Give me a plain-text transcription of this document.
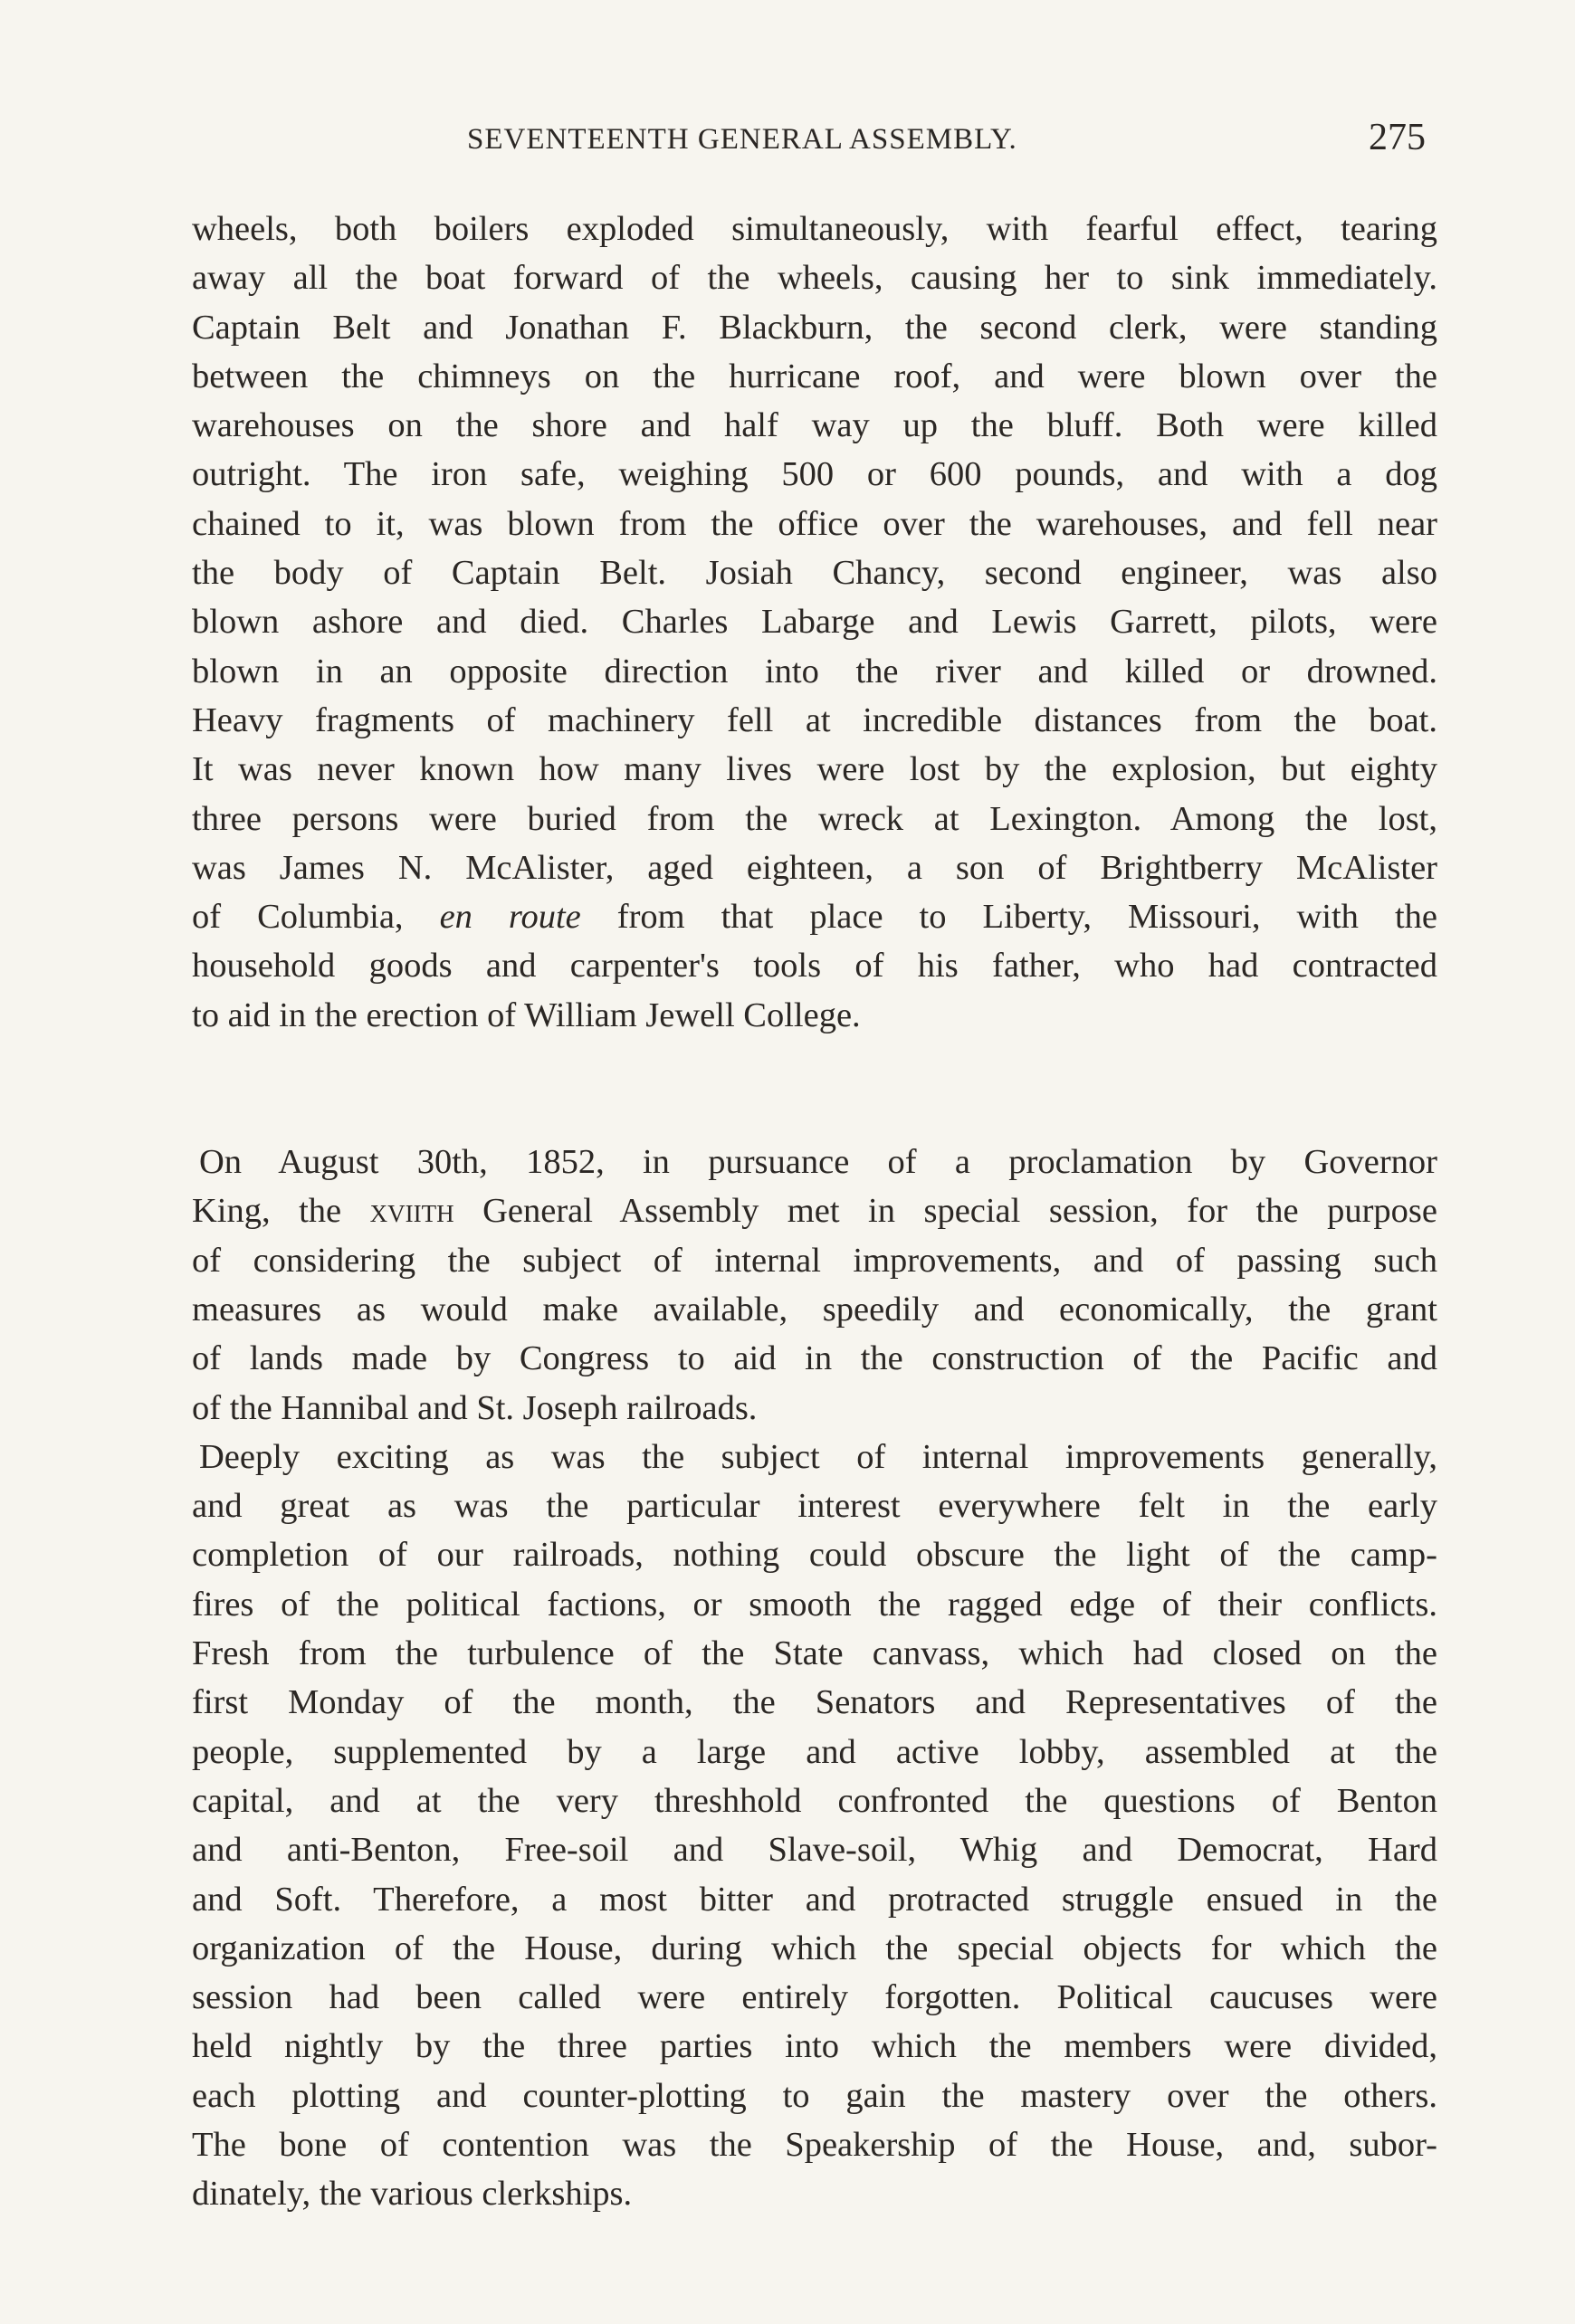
SEVENTEENTH GENERAL ASSEMBLY.	275
wheels, both boilers exploded simultaneously, with fearful effect, tearing
away all the boat forward of the wheels, causing her to sink immediately.
Captain Belt and Jonathan F. Blackburn, the second clerk, were standing
between the chimneys on the hurricane roof, and were blown over the
warehouses on the shore and half way up the bluff. Both were killed
outright. The iron safe, weighing 500 or 600 pounds, and with a dog
chained to it, was blown from the office over the warehouses, and fell near
the body of Captain Belt. Josiah Chancy, second engineer, was also
blown ashore and died. Charles Labarge and Lewis Garrett, pilots, were
blown in an opposite direction into the river and killed or drowned.
Heavy fragments of machinery fell at incredible distances from the boat.
It was never known how many lives were lost by the explosion, but eighty
three persons were buried from the wreck at Lexington. Among the lost,
was James N. McAlister, aged eighteen, a son of Brightberry McAlister
of Columbia, en route from that place to Liberty, Missouri, with the
household goods and carpenter's tools of his father, who had contracted
to aid in the erection of William Jewell College.
On August 30th, 1852, in pursuance of a proclamation by Governor
King, the xviith General Assembly met in special session, for the purpose
of considering the subject of internal improvements, and of passing such
measures as would make available, speedily and economically, the grant
of lands made by Congress to aid in the construction of the Pacific and
of the Hannibal and St. Joseph railroads.
Deeply exciting as was the subject of internal improvements generally,
and great as was the particular interest everywhere felt in the early
completion of our railroads, nothing could obscure the light of the camp-
fires of the political factions, or smooth the ragged edge of their conflicts.
Fresh from the turbulence of the State canvass, which had closed on the
first Monday of the month, the Senators and Representatives of the
people, supplemented by a large and active lobby, assembled at the
capital, and at the very threshhold confronted the questions of Benton
and anti-Benton, Free-soil and Slave-soil, Whig and Democrat, Hard
and Soft. Therefore, a most bitter and protracted struggle ensued in the
organization of the House, during which the special objects for which the
session had been called were entirely forgotten. Political caucuses were
held nightly by the three parties into which the members were divided,
each plotting and counter-plotting to gain the mastery over the others.
The bone of contention was the Speakership of the House, and, subor-
dinately, the various clerkships.
